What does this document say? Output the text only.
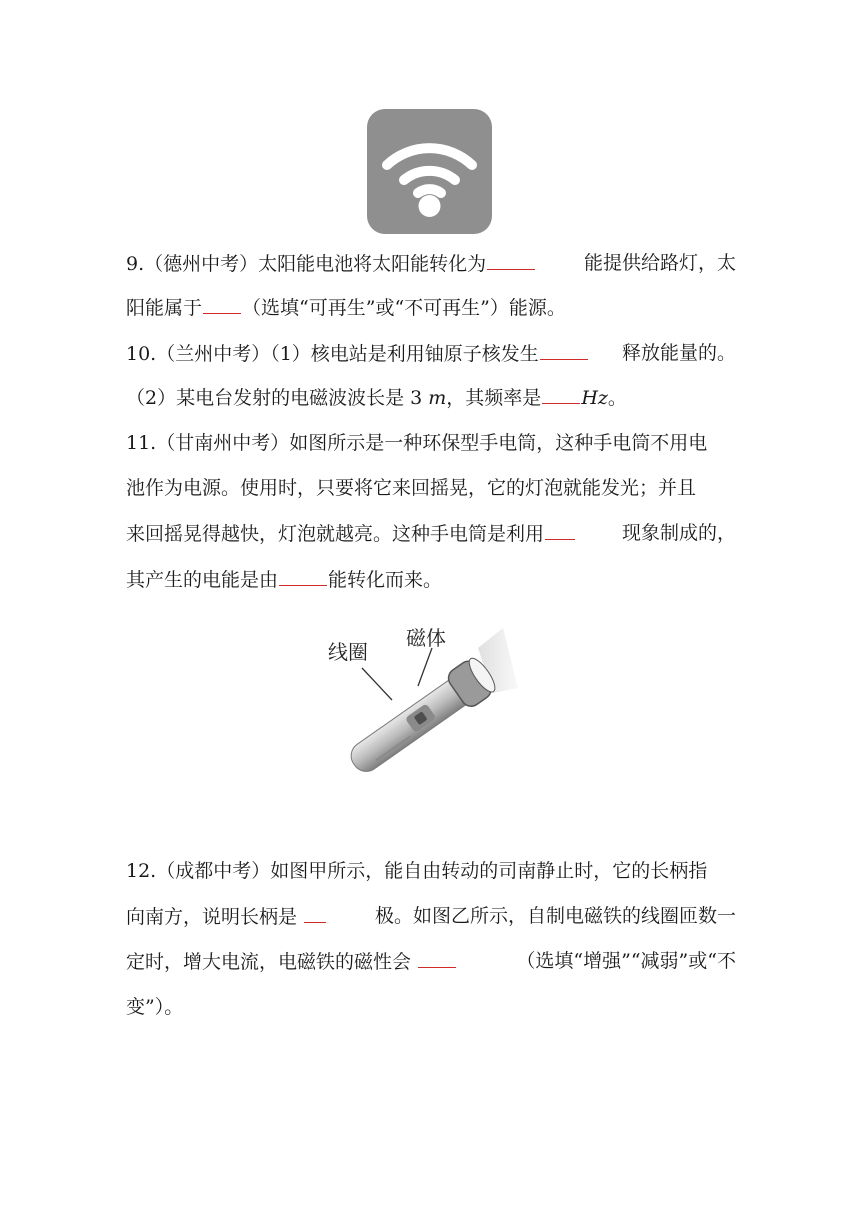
9.（德州中考）太阳能电池将太阳能转化为	能提供给路灯，太
阳能属于 （选填“可再生”或“不可再生”）能源。
10.（兰州中考）（1）核电站是利用铀原子核发生	释放能量的。
（2）某电台发射的电磁波波长是 3 m，其频率是 Hz。
11.（甘南州中考）如图所示是一种环保型手电筒，这种手电筒不用电
池作为电源。使用时，只要将它来回摇晃，它的灯泡就能发光；并且
来回摇晃得越快，灯泡就越亮。这种手电筒是利用	现象制成的，
其产生的电能是由	能转化而来。
线圈
磁体
12.（成都中考）如图甲所示，能自由转动的司南静止时，它的长柄指
向南方，说明长柄是	极。如图乙所示，自制电磁铁的线圈匝数一
定时，增大电流，电磁铁的磁性会	（选填“增强”“减弱”或“不
变”）。
